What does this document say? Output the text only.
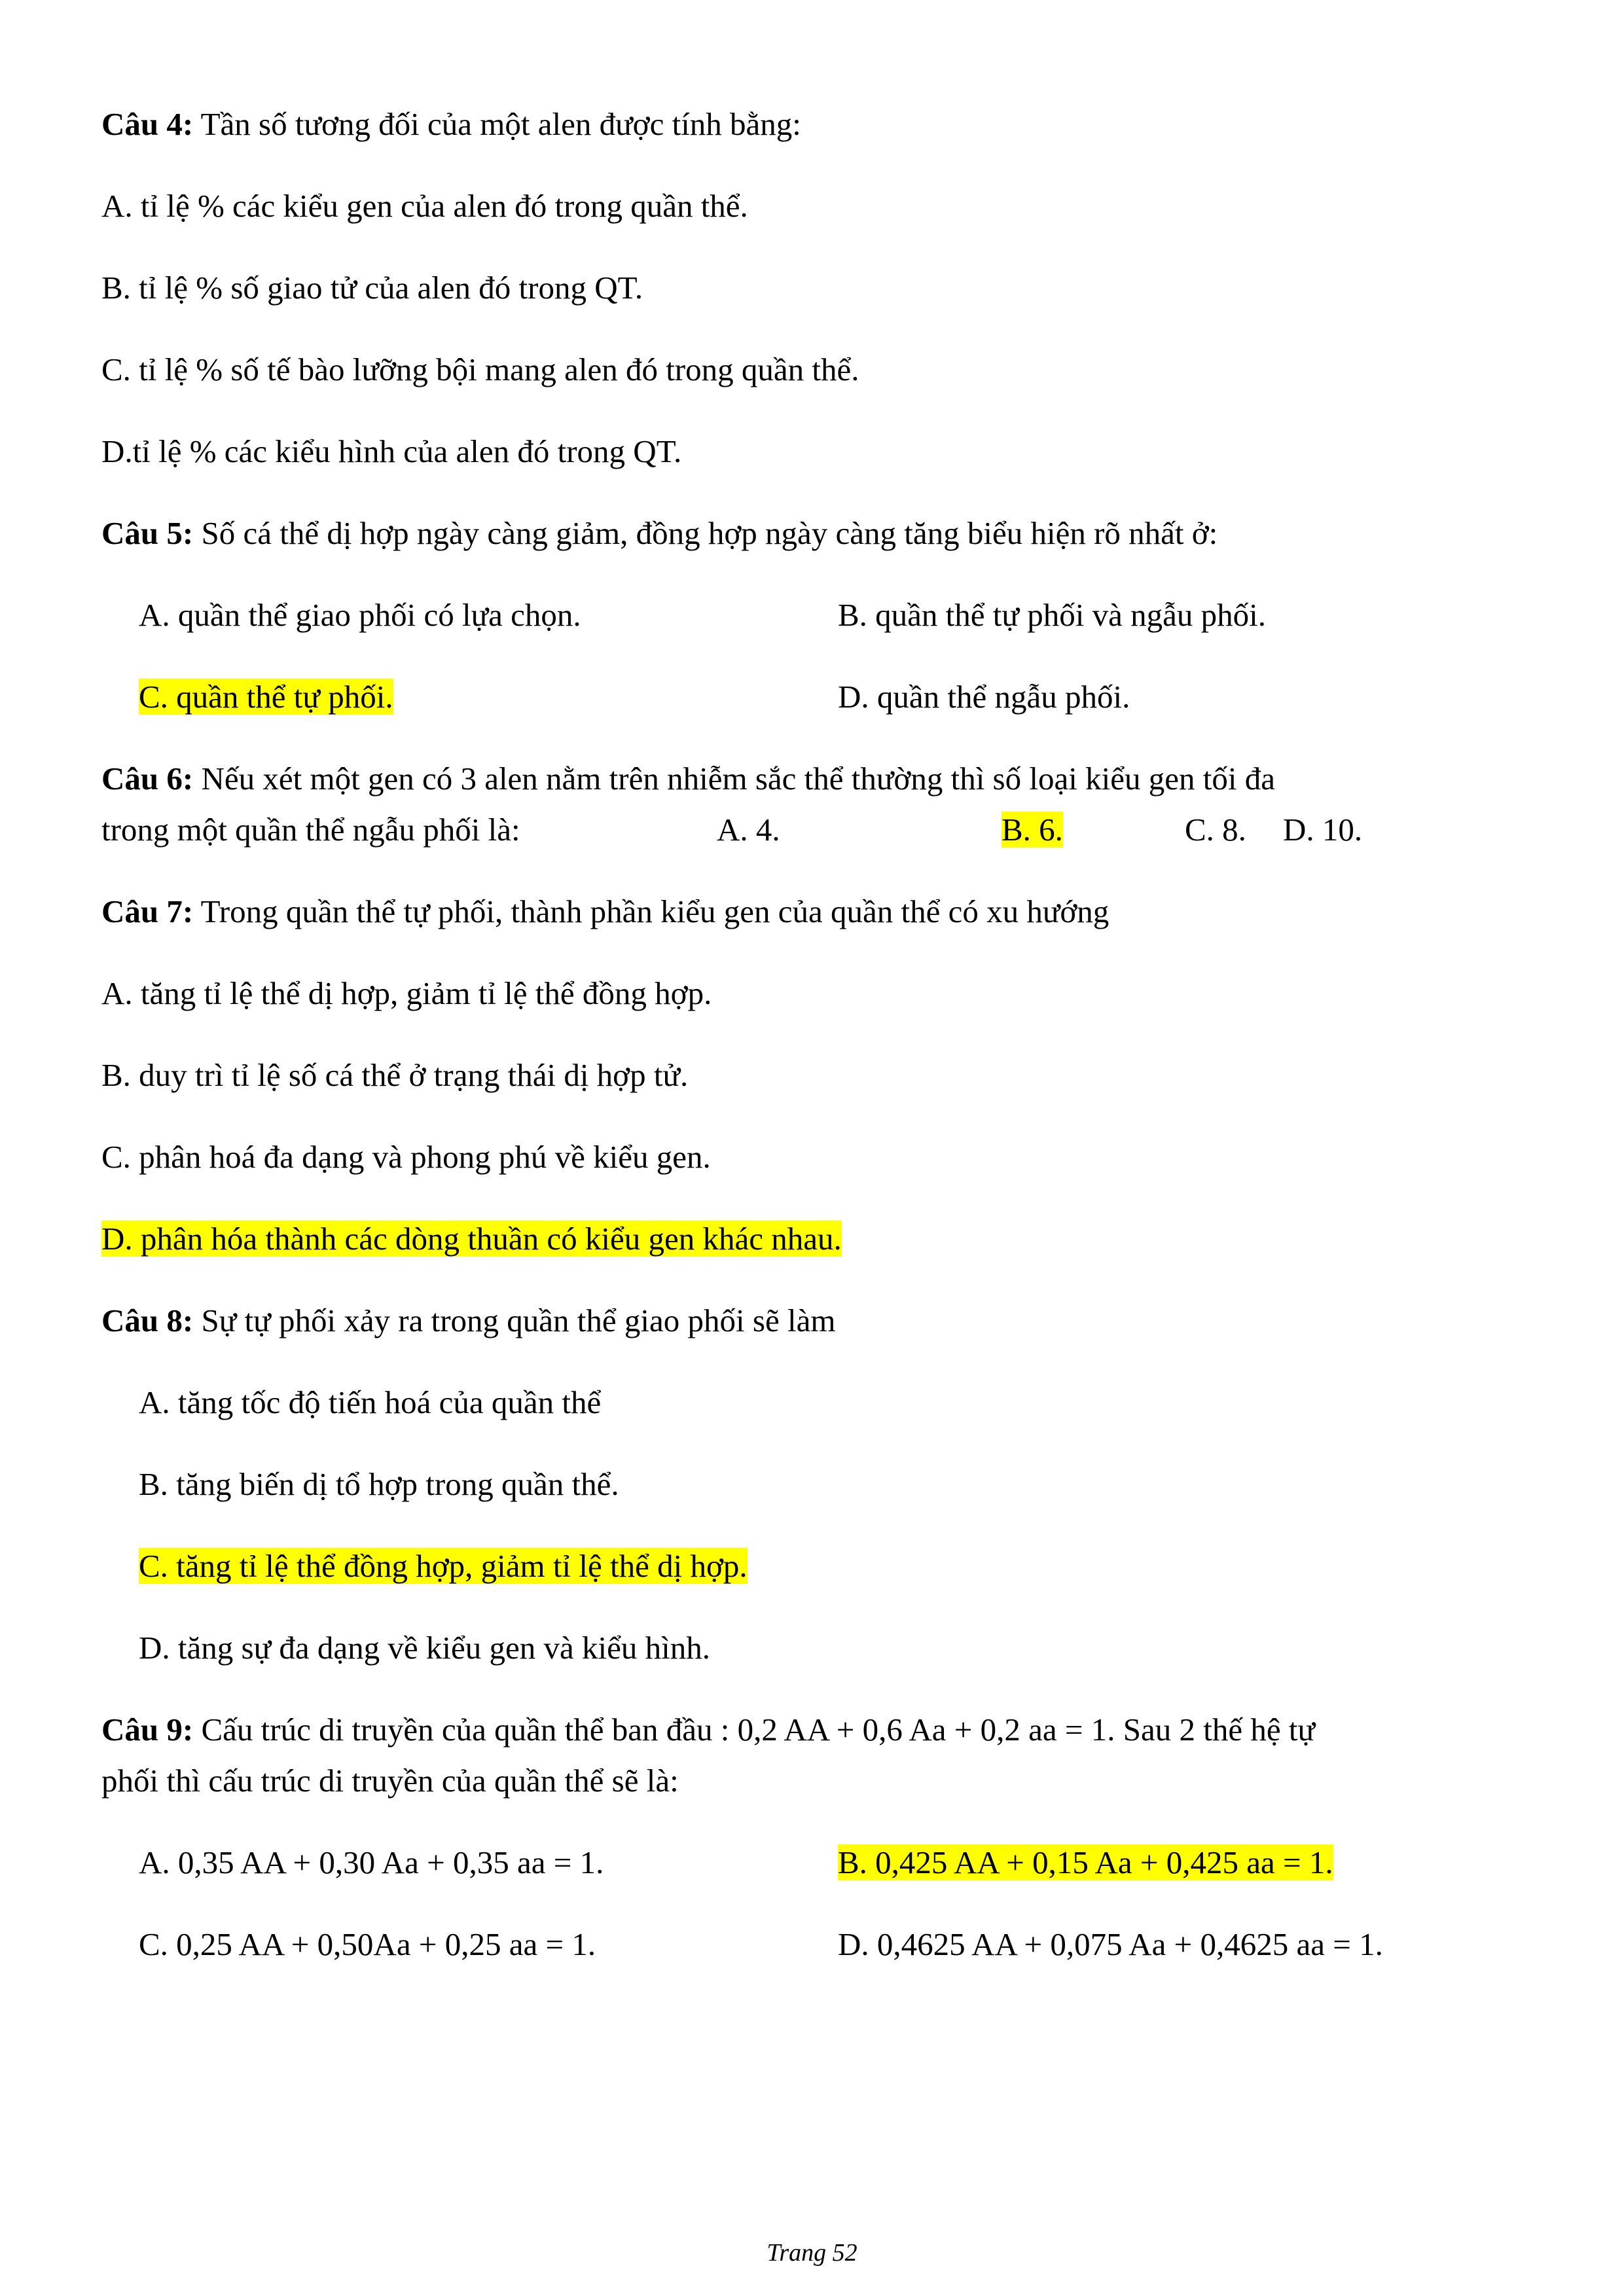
Câu 4: Tần số tương đối của một alen được tính bằng:
A. tỉ lệ % các kiểu gen của alen đó trong quần thể.
B. tỉ lệ % số giao tử của alen đó trong QT.
C. tỉ lệ % số tế bào lưỡng bội mang alen đó trong quần thể.
D.tỉ lệ % các kiểu hình của alen đó trong QT.
Câu 5: Số cá thể dị hợp ngày càng giảm, đồng hợp ngày càng tăng biểu hiện rõ nhất ở:
A. quần thể giao phối có lựa chọn.	B. quần thể tự phối và ngẫu phối.
C. quần thể tự phối.	D. quần thể ngẫu phối.
Câu 6: Nếu xét một gen có 3 alen nằm trên nhiễm sắc thể thường thì số loại kiểu gen tối đa
trong một quần thể ngẫu phối là:	A. 4.	B. 6.	C. 8. D. 10.
Câu 7: Trong quần thể tự phối, thành phần kiểu gen của quần thể có xu hướng
A. tăng tỉ lệ thể dị hợp, giảm tỉ lệ thể đồng hợp.
B. duy trì tỉ lệ số cá thể ở trạng thái dị hợp tử.
C. phân hoá đa dạng và phong phú về kiểu gen.
D. phân hóa thành các dòng thuần có kiểu gen khác nhau.
Câu 8: Sự tự phối xảy ra trong quần thể giao phối sẽ làm
A. tăng tốc độ tiến hoá của quần thể
B. tăng biến dị tổ hợp trong quần thể.
C. tăng tỉ lệ thể đồng hợp, giảm tỉ lệ thể dị hợp.
D. tăng sự đa dạng về kiểu gen và kiểu hình.
Câu 9: Cấu trúc di truyền của quần thể ban đầu : 0,2 AA + 0,6 Aa + 0,2 aa = 1. Sau 2 thế hệ tự
phối thì cấu trúc di truyền của quần thể sẽ là:
A. 0,35 AA + 0,30 Aa + 0,35 aa = 1.	B. 0,425 AA + 0,15 Aa + 0,425 aa = 1.
C. 0,25 AA + 0,50Aa + 0,25 aa = 1.	D. 0,4625 AA + 0,075 Aa + 0,4625 aa = 1.
Trang 52
